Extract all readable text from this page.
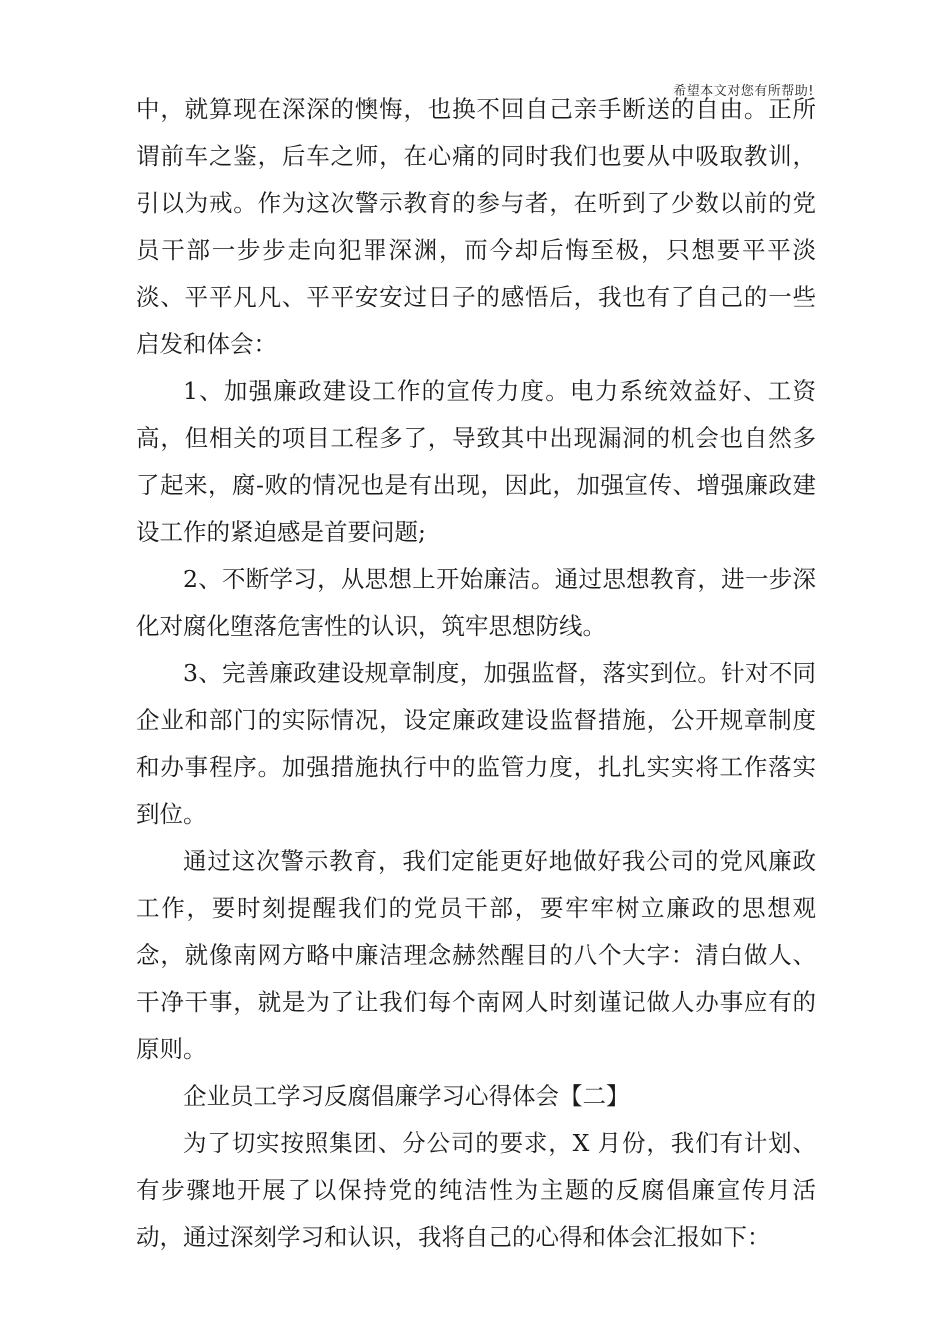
希望本文对您有所帮助!

中，就算现在深深的懊悔，也换不回自己亲手断送的自由。正所谓前车之鉴，后车之师，在心痛的同时我们也要从中吸取教训，引以为戒。作为这次警示教育的参与者，在听到了少数以前的党员干部一步步走向犯罪深渊，而今却后悔至极，只想要平平淡淡、平平凡凡、平平安安过日子的感悟后，我也有了自己的一些启发和体会：

1、加强廉政建设工作的宣传力度。电力系统效益好、工资高，但相关的项目工程多了，导致其中出现漏洞的机会也自然多了起来，腐-败的情况也是有出现，因此，加强宣传、增强廉政建设工作的紧迫感是首要问题;

2、不断学习，从思想上开始廉洁。通过思想教育，进一步深化对腐化堕落危害性的认识，筑牢思想防线。

3、完善廉政建设规章制度，加强监督，落实到位。针对不同企业和部门的实际情况，设定廉政建设监督措施，公开规章制度和办事程序。加强措施执行中的监管力度，扎扎实实将工作落实到位。

通过这次警示教育，我们定能更好地做好我公司的党风廉政工作，要时刻提醒我们的党员干部，要牢牢树立廉政的思想观念，就像南网方略中廉洁理念赫然醒目的八个大字：清白做人、干净干事，就是为了让我们每个南网人时刻谨记做人办事应有的原则。

企业员工学习反腐倡廉学习心得体会【二】

为了切实按照集团、分公司的要求，X 月份，我们有计划、有步骤地开展了以保持党的纯洁性为主题的反腐倡廉宣传月活动，通过深刻学习和认识，我将自己的心得和体会汇报如下：
